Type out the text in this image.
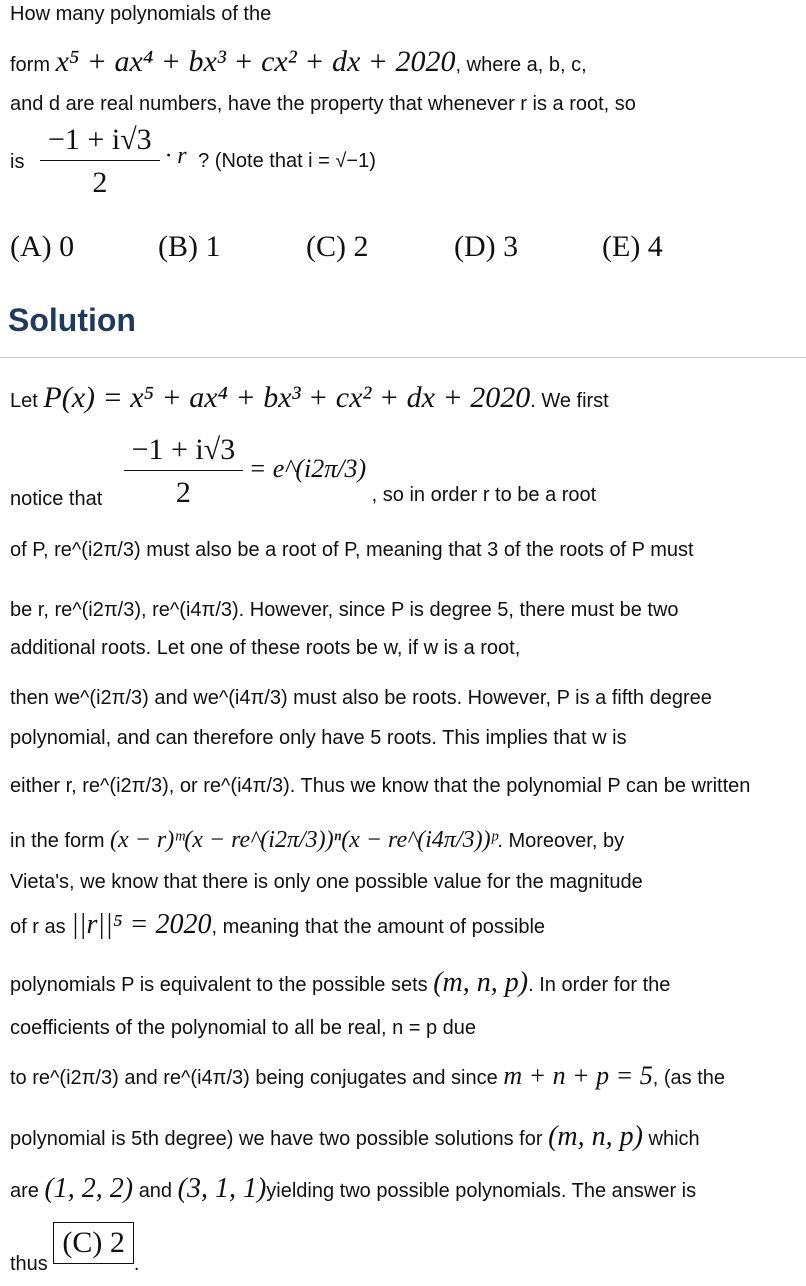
How many polynomials of the
form x⁵ + ax⁴ + bx³ + cx² + dx + 2020, where a, b, c,
and d are real numbers, have the property that whenever r is a root, so
is $\frac{-1 + i√3}{2} \cdot r$ ? (Note that i = √−1)
(A) 0	(B) 1	(C) 2	(D) 3	(E) 4
Solution
Let P(x) = x⁵ + ax⁴ + bx³ + cx² + dx + 2020. We first
notice that $\frac{-1 + i√3}{2}$ = e^(i2π/3) , so in order r to be a root
of P, re^(i2π/3) must also be a root of P, meaning that 3 of the roots of P must
be r, re^(i2π/3), re^(i4π/3). However, since P is degree 5, there must be two
additional roots. Let one of these roots be w, if w is a root,
then we^(i2π/3) and we^(i4π/3) must also be roots. However, P is a fifth degree
polynomial, and can therefore only have 5 roots. This implies that w is
either r, re^(i2π/3), or re^(i4π/3). Thus we know that the polynomial P can be written
in the form (x − r)ᵐ(x − re^(i2π/3))ⁿ(x − re^(i4π/3))ᵖ. Moreover, by
Vieta's, we know that there is only one possible value for the magnitude
of r as ||r||⁵ = 2020, meaning that the amount of possible
polynomials P is equivalent to the possible sets (m, n, p). In order for the
coefficients of the polynomial to all be real, n = p due
to re^(i2π/3) and re^(i4π/3) being conjugates and since m + n + p = 5, (as the
polynomial is 5th degree) we have two possible solutions for (m, n, p) which
are (1, 2, 2) and (3, 1, 1)yielding two possible polynomials. The answer is
thus (C) 2.
